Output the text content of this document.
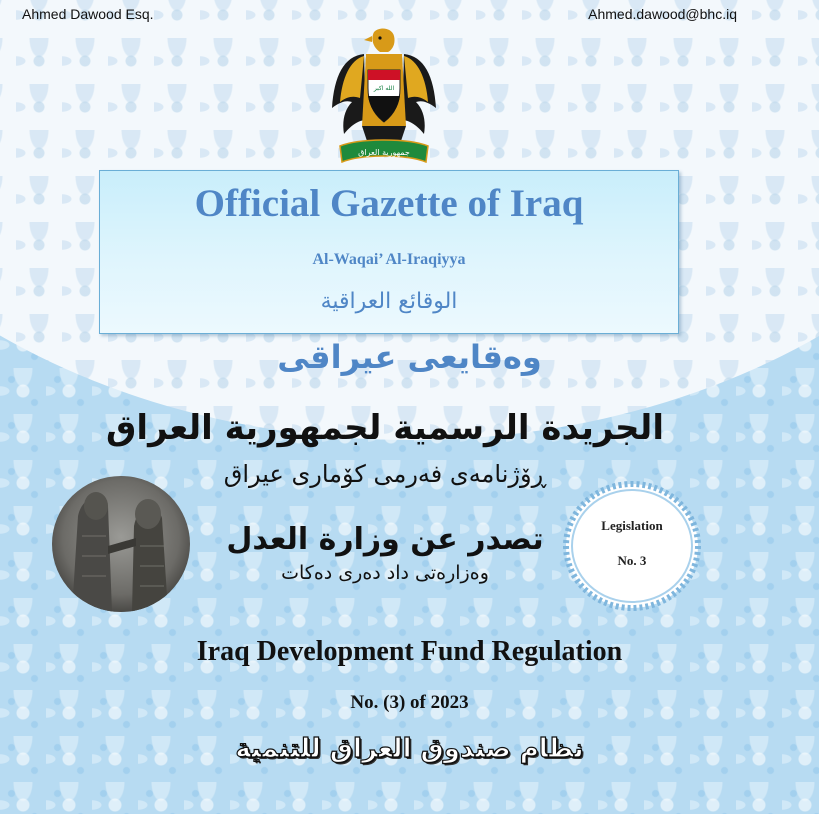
Ahmed Dawood Esq.	Ahmed.dawood@bhc.iq
الله اكبر
جمهورية العراق
Official Gazette of Iraq
Al-Waqai’ Al-Iraqiyya
الوقائع العراقية
وەقایعی عیراقی
الجريدة الرسمية لجمهورية العراق
ڕۆژنامەی فەرمی کۆماری عیراق
تصدر عن وزارة العدل
وەزارەتی داد دەری دەکات
Legislation
No. 3
Iraq Development Fund Regulation
No. (3) of 2023
نظام صندوق العراق للتنمية
